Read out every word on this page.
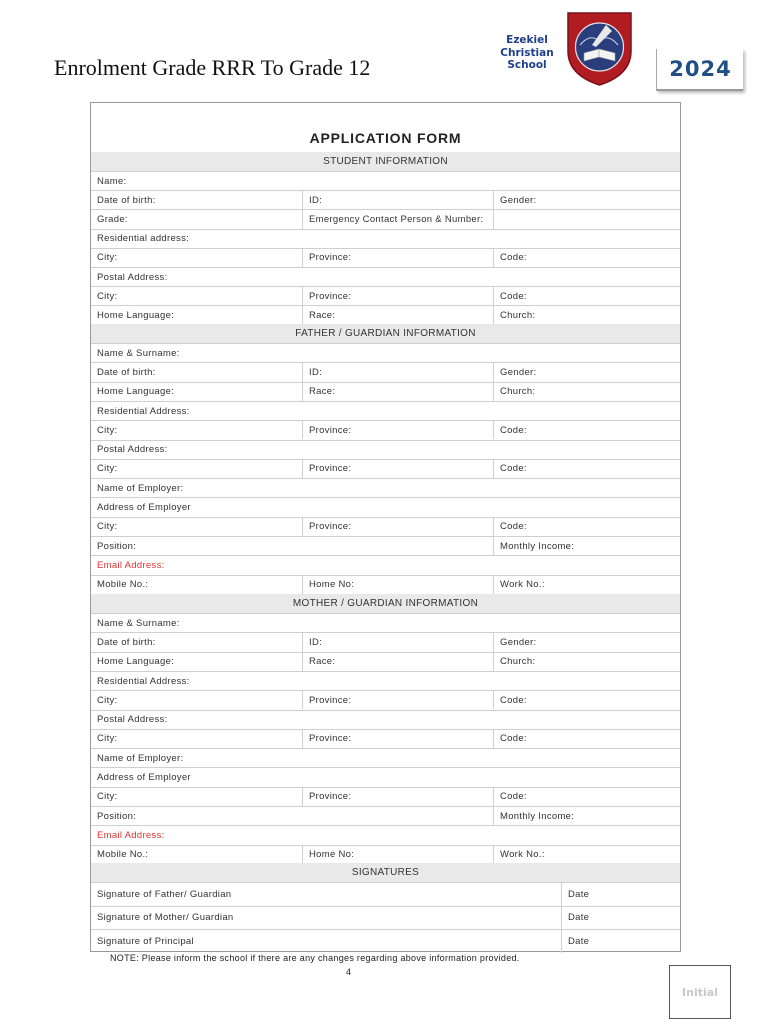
Enrolment Grade RRR To Grade 12
Ezekiel
Christian
School	2024
APPLICATION FORM
STUDENT INFORMATION
Name:
Date of birth:	ID:	Gender:
Grade:	Emergency Contact Person & Number:
Residential address:
City:	Province:	Code:
Postal Address:
City:	Province:	Code:
Home Language:	Race:	Church:
FATHER / GUARDIAN INFORMATION
Name & Surname:
Date of birth:	ID:	Gender:
Home Language:	Race:	Church:
Residential Address:
City:	Province:	Code:
Postal Address:
City:	Province:	Code:
Name of Employer:
Address of Employer
City:	Province:	Code:
Position:	Monthly Income:
Email Address:
Mobile No.:	Home No:	Work No.:
MOTHER / GUARDIAN INFORMATION
Name & Surname:
Date of birth:	ID:	Gender:
Home Language:	Race:	Church:
Residential Address:
City:	Province:	Code:
Postal Address:
City:	Province:	Code:
Name of Employer:
Address of Employer
City:	Province:	Code:
Position:	Monthly Income:
Email Address:
Mobile No.:	Home No:	Work No.:
SIGNATURES
Signature of Father/ Guardian	Date
Signature of Mother/ Guardian	Date
Signature of Principal	Date
NOTE: Please inform the school if there are any changes regarding above information provided.
4
Initial
